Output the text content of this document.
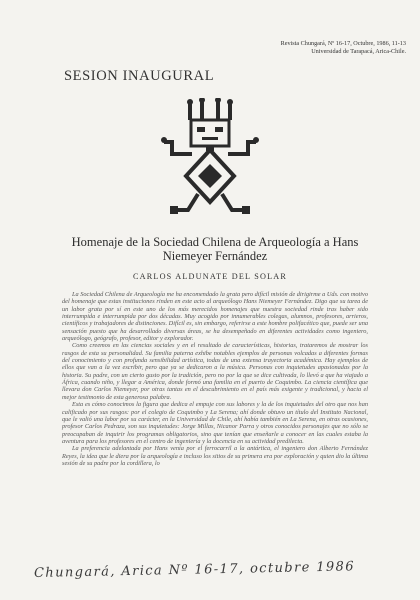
Revista Chungará, Nº 16-17, Octubre, 1986, 11-13
Universidad de Tarapacá, Arica-Chile.
SESION INAUGURAL
Homenaje de la Sociedad Chilena de Arqueología a Hans
Niemeyer Fernández
CARLOS ALDUNATE DEL SOLAR

La Sociedad Chilena de Arqueología me ha encomendado la grata pero difícil misión de dirigirme a Uds. con motivo del homenaje que estas instituciones rinden en este acto al arqueólogo Hans Niemeyer Fernández. Digo que su tarea de un labor grata por sí en este uno de los más merecidos homenajes que nuestra sociedad rinde tras haber sido interrumpida e ínterrumpida por dos décadas. Muy acogido por innumerables colegas, alumnos, profesores, arrieros, científicos y trabajadores de distinciones. Difícil es, sin embargo, referirse a este hombre polifacético que, puede ser una sensación puesto que ha desarrollado diversas áreas, se ha desempeñado en diferentes actividades como ingeniero, arqueólogo, geógrafo, profesor, editor y explorador.

Como creemos en las ciencias sociales y en el resultado de características, historias, trataremos de mostrar los rasgos de esta su personalidad. Su familia paterna exhibe notables ejemplos de personas volcadas a diferentes formas del conocimiento y con profunda sensibilidad artística, todas de una extensa trayectoria académica. Hay ejemplos de ellos que van a la vez escribir, pero que ya se dedicaron a la música. Personas con inquietudes apasionadas por la historia. Su padre, con un cierto gusto por la tradición, pero no por la que se dice cultivada, lo llevó a que ha viajado a África, cuando niño, y llegar a América, donde formó una familia en el puerto de Coquimbo. La ciencia científica que llevara don Carlos Niemeyer, por otras tantas en el descubrimiento en el país más exigente y tradicional, y hacia el mejor testimonio de esta generosa palabra.

Esta es cómo conocimos la figura que dedica el empuje con sus labores y la de los inquietudes del otro que nos han calificado por sus rasgos: por el colegio de Coquimbo y La Serena; ahí donde obtuvo un título del Instituto Nacional, que le valió una labor por su carácter, en la Universidad de Chile, ahí había también en La Serena, en otras ocasiones, profesor Carlos Pedraza, son sus inquietudes: Jorge Millas, Nicanor Parra y otros conocidos personajes que no sólo se preocupaban de inquirir los programas obligatorios, sino que tenían que enseñarle a conocer en las cuales estaba la aventura para los profesores en el centro de ingeniería y la docencia en su actividad predilecta.

La preferencia adelantada por Hans venía por el ferrocarril a la antártica, el ingeniero don Alberto Fernández Reyes, la idea que le diera por la arqueología e incluso los sitios de su primera era por exploración y quien dio la última sesión de su padre por la cordillera, lo

Chungará, Arica Nº 16-17, octubre 1986
